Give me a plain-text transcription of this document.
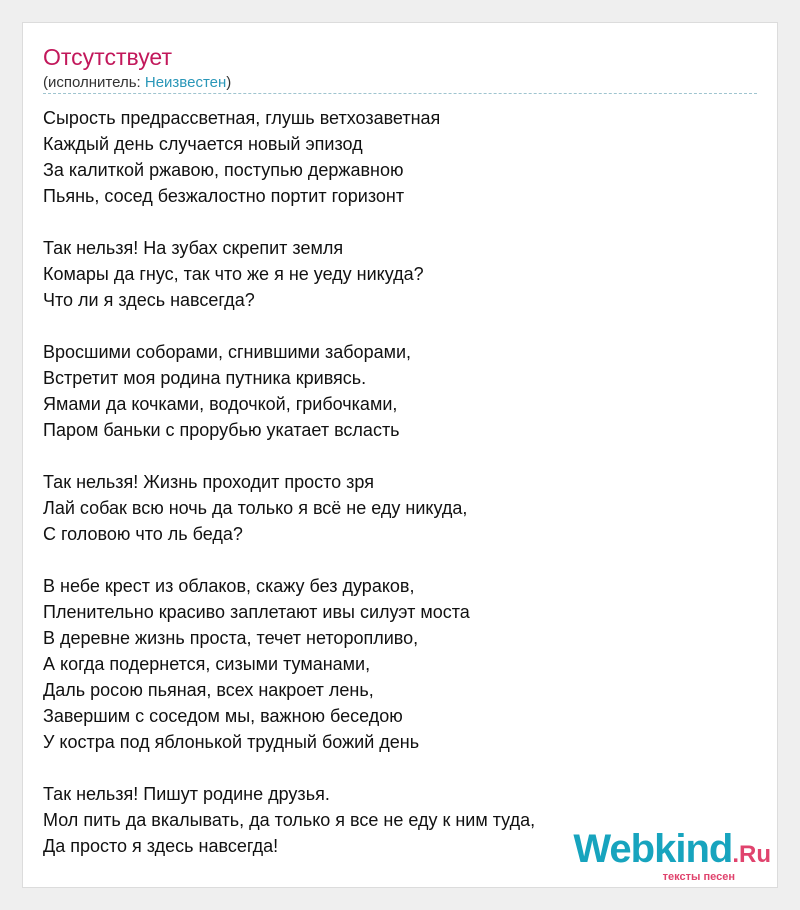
Отсутствует
(исполнитель: Неизвестен)
Сырость предрассветная, глушь ветхозаветная
Каждый день случается новый эпизод
За калиткой ржавою, поступью державною
Пьянь, сосед безжалостно портит горизонт
Так нельзя! На зубах скрепит земля
Комары да гнус, так что же я не уеду никуда?
Что ли я здесь навсегда?
Вросшими соборами, сгнившими заборами,
Встретит моя родина путника кривясь.
Ямами да кочками, водочкой, грибочками,
Паром баньки с прорубью укатает всласть
Так нельзя! Жизнь проходит просто зря
Лай собак всю ночь да только я всё не еду никуда,
С головою что ль беда?
В небе крест из облаков, скажу без дураков,
Пленительно красиво заплетают ивы силуэт моста
В деревне жизнь проста, течет неторопливо,
А когда подернется, сизыми туманами,
Даль росою пьяная, всех накроет лень,
Завершим с соседом мы, важною беседою
У костра под яблонькой трудный божий день
Так нельзя! Пишут родине друзья.
Мол пить да вкалывать, да только я все не еду к ним туда,
Да просто я здесь навсегда!	Webkind.Ru
тексты песен
